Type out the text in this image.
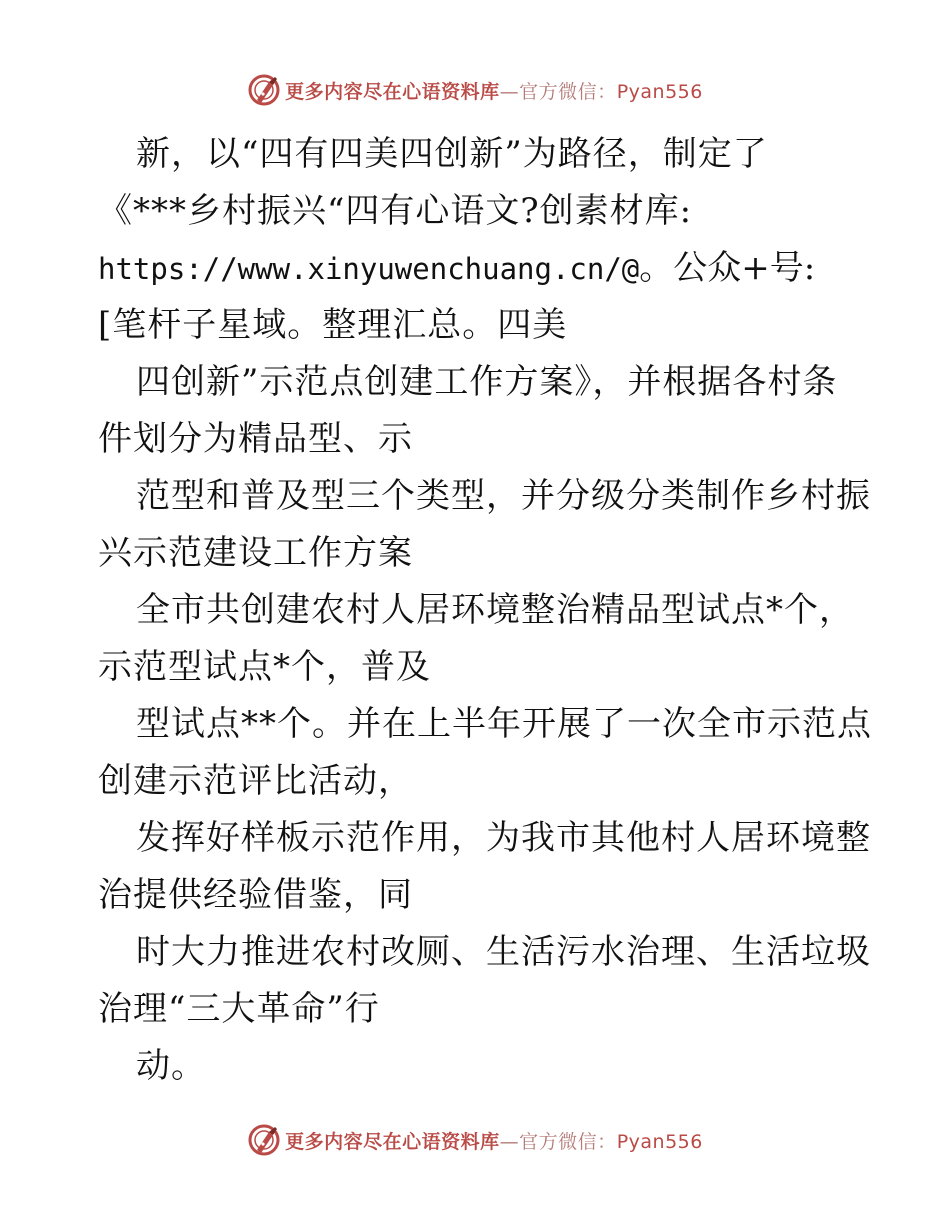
更多内容尽在心语资料库—官方微信：Pyan556
新，以“四有四美四创新”为路径，制定了
《***乡村振兴“四有心语文?创素材库:
https://www.xinyuwenchuang.cn/@。公众+号:
[笔杆子星域。整理汇总。四美
四创新”示范点创建工作方案》，并根据各村条
件划分为精品型、示
范型和普及型三个类型，并分级分类制作乡村振
兴示范建设工作方案
全市共创建农村人居环境整治精品型试点*个，
示范型试点*个，普及
型试点**个。并在上半年开展了一次全市示范点
创建示范评比活动，
发挥好样板示范作用，为我市其他村人居环境整
治提供经验借鉴，同
时大力推进农村改厕、生活污水治理、生活垃圾
治理“三大革命”行
动。
更多内容尽在心语资料库—官方微信：Pyan556
